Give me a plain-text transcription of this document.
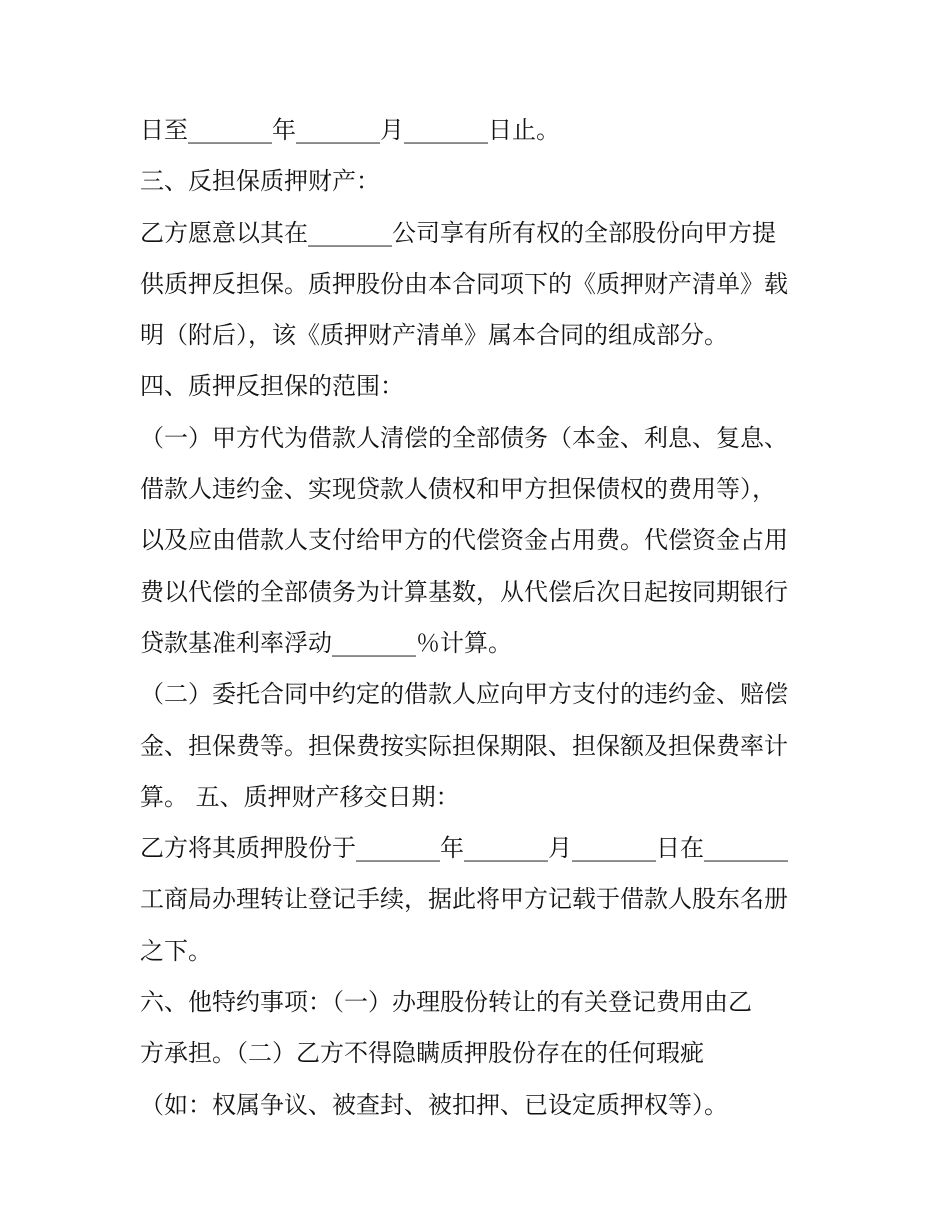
日至_______年_______月_______日止。
三、反担保质押财产：
乙方愿意以其在_______公司享有所有权的全部股份向甲方提
供质押反担保。质押股份由本合同项下的《质押财产清单》载
明（附后），该《质押财产清单》属本合同的组成部分。
四、质押反担保的范围：
（一）甲方代为借款人清偿的全部债务（本金、利息、复息、
借款人违约金、实现贷款人债权和甲方担保债权的费用等），
以及应由借款人支付给甲方的代偿资金占用费。代偿资金占用
费以代偿的全部债务为计算基数，从代偿后次日起按同期银行
贷款基准利率浮动_______％计算。
（二）委托合同中约定的借款人应向甲方支付的违约金、赔偿
金、担保费等。担保费按实际担保期限、担保额及担保费率计
算。 五、质押财产移交日期：
乙方将其质押股份于_______年_______月_______日在_______
工商局办理转让登记手续，据此将甲方记载于借款人股东名册
之下。
六、他特约事项：（一）办理股份转让的有关登记费用由乙
方承担。（二）乙方不得隐瞒质押股份存在的任何瑕疵
（如：权属争议、被查封、被扣押、已设定质押权等）。
